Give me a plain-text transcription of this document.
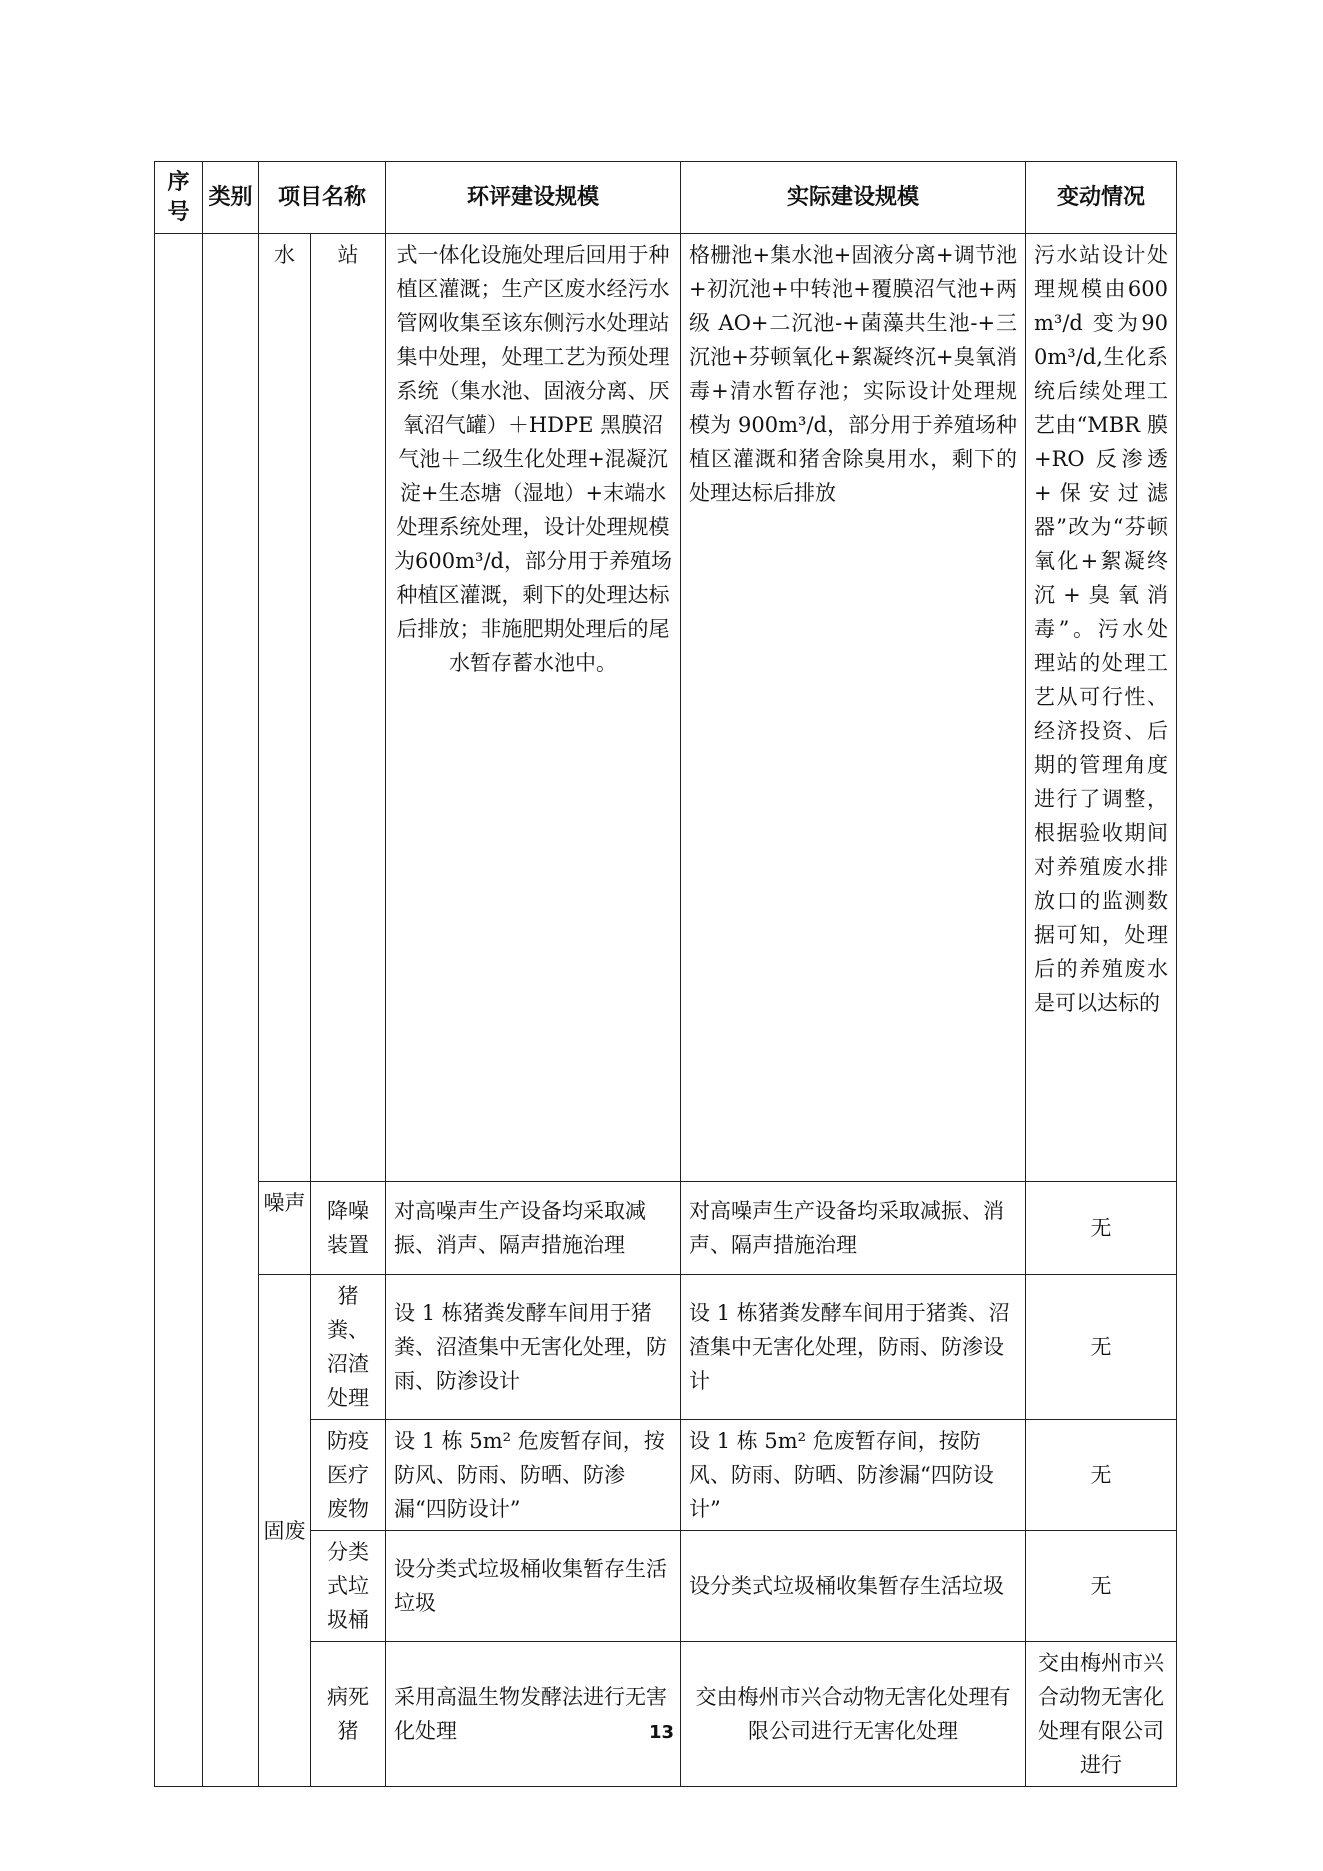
序号	类别	项目名称		环评建设规模	实际建设规模	变动情况
		水	站	式一体化设施处理后回用于种植区灌溉；生产区废水经污水管网收集至该东侧污水处理站集中处理，处理工艺为预处理系统（集水池、固液分离、厌氧沼气罐）＋HDPE 黑膜沼气池＋二级生化处理+混凝沉淀+生态塘（湿地）+末端水处理系统处理，设计处理规模为600m³/d，部分用于养殖场种植区灌溉，剩下的处理达标后排放；非施肥期处理后的尾水暂存蓄水池中。	格栅池+集水池+固液分离+调节池+初沉池+中转池+覆膜沼气池+两级 AO+二沉池-+菌藻共生池-+三沉池+芬顿氧化+絮凝终沉+臭氧消毒+清水暂存池；实际设计处理规模为 900m³/d，部分用于养殖场种植区灌溉和猪舍除臭用水，剩下的处理达标后排放	污水站设计处理规模由600m³/d 变为900m³/d,生化系统后续处理工艺由“MBR 膜+RO 反渗透+保安过滤器”改为“芬顿氧化+絮凝终沉+臭氧消毒”。污水处理站的处理工艺从可行性、经济投资、后期的管理角度进行了调整，根据验收期间对养殖废水排放口的监测数据可知，处理后的养殖废水是可以达标的
		噪声	降噪装置	对高噪声生产设备均采取减振、消声、隔声措施治理	对高噪声生产设备均采取减振、消声、隔声措施治理	无
		固废	猪粪、沼渣处理	设 1 栋猪粪发酵车间用于猪粪、沼渣集中无害化处理，防雨、防渗设计	设 1 栋猪粪发酵车间用于猪粪、沼渣集中无害化处理，防雨、防渗设计	无
			防疫医疗废物	设 1 栋 5m² 危废暂存间，按防风、防雨、防晒、防渗漏“四防设计”	设 1 栋 5m² 危废暂存间，按防风、防雨、防晒、防渗漏“四防设计”	无
			分类式垃圾桶	设分类式垃圾桶收集暂存生活垃圾	设分类式垃圾桶收集暂存生活垃圾	无
			病死猪	采用高温生物发酵法进行无害化处理	交由梅州市兴合动物无害化处理有限公司进行无害化处理	交由梅州市兴合动物无害化处理有限公司进行
13
